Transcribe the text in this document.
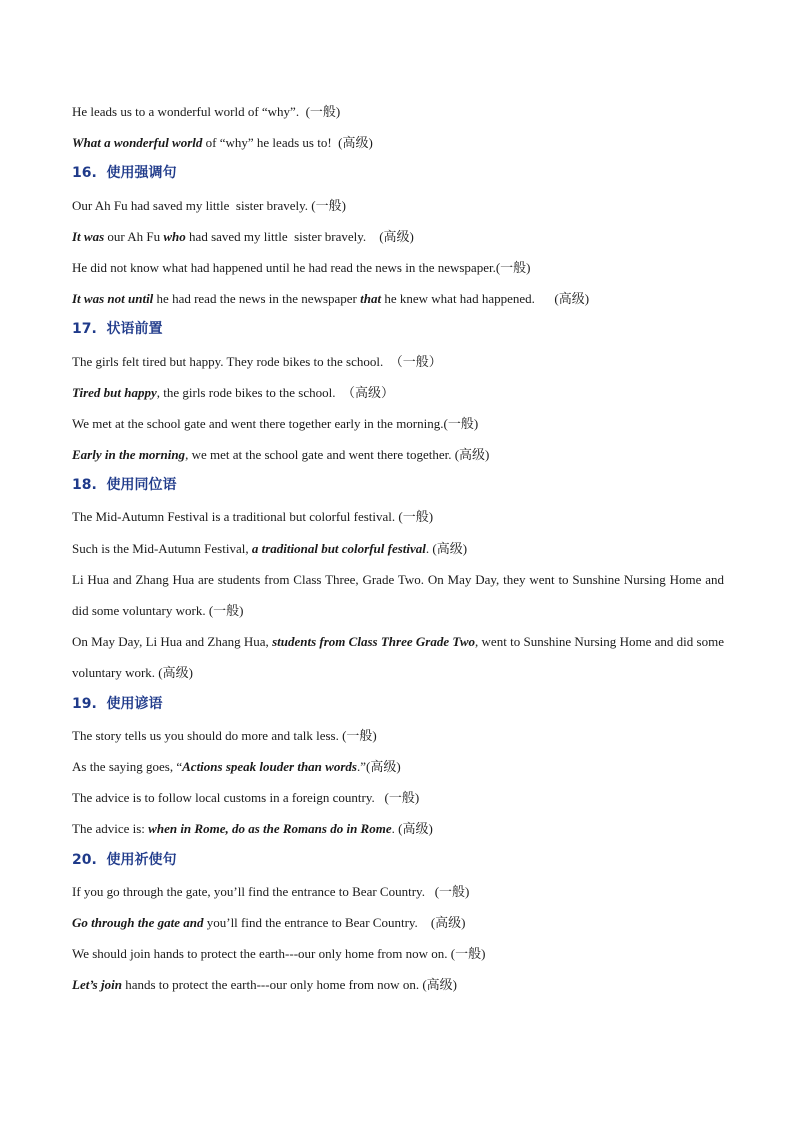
He leads us to a wonderful world of “why”.  (一般)
What a wonderful world of “why” he leads us to!  (高级)
16.  使用强调句
Our Ah Fu had saved my little  sister bravely. (一般)
It was our Ah Fu who had saved my little  sister bravely.    (高级)
He did not know what had happened until he had read the news in the newspaper.(一般)
It was not until he had read the news in the newspaper that he knew what had happened.      (高级)
17.  状语前置
The girls felt tired but happy. They rode bikes to the school.  （一般）
Tired but happy, the girls rode bikes to the school.  （高级）
We met at the school gate and went there together early in the morning.(一般)
Early in the morning, we met at the school gate and went there together. (高级)
18.  使用同位语
The Mid-Autumn Festival is a traditional but colorful festival. (一般)
Such is the Mid-Autumn Festival, a traditional but colorful festival. (高级)
Li Hua and Zhang Hua are students from Class Three, Grade Two. On May Day, they went to Sunshine Nursing Home and did some voluntary work. (一般)
On May Day, Li Hua and Zhang Hua, students from Class Three Grade Two, went to Sunshine Nursing Home and did some voluntary work. (高级)
19.  使用谚语
The story tells us you should do more and talk less. (一般)
As the saying goes, “Actions speak louder than words.”(高级)
The advice is to follow local customs in a foreign country.   (一般)
The advice is: when in Rome, do as the Romans do in Rome. (高级)
20.  使用祈使句
If you go through the gate, you’ll find the entrance to Bear Country.   (一般)
Go through the gate and you’ll find the entrance to Bear Country.    (高级)
We should join hands to protect the earth---our only home from now on. (一般)
Let’s join hands to protect the earth---our only home from now on. (高级)
